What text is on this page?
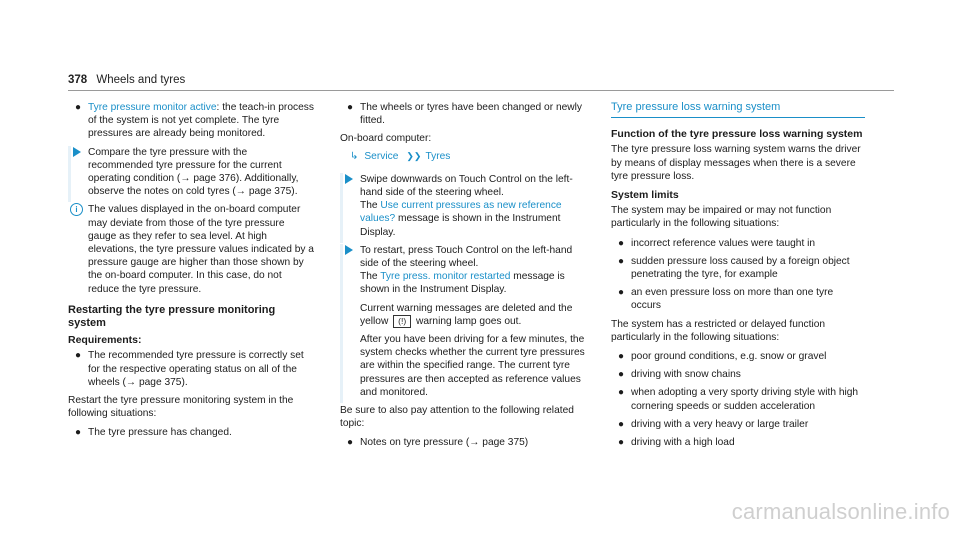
378 Wheels and tyres
● Tyre pressure monitor active: the teach-in process of the system is not yet complete. The tyre pressures are already being monitored.

Compare the tyre pressure with the recommended tyre pressure for the current operating condition (→ page 376). Additionally, observe the notes on cold tyres (→ page 375).

i	The values displayed in the on-board computer may deviate from those of the tyre pressure gauge as they refer to sea level. At high elevations, the tyre pressure values indicated by a pressure gauge are higher than those shown by the on-board computer. In this case, do not reduce the tyre pressure.
Restarting the tyre pressure monitoring system
Requirements:
● The recommended tyre pressure is correctly set for the respective operating status on all of the wheels (→ page 375).
Restart the tyre pressure monitoring system in the following situations:
● The tyre pressure has changed.
● The wheels or tyres have been changed or newly fitted.
On-board computer:
↳ Service ❯❯ Tyres

Swipe downwards on Touch Control on the left-hand side of the steering wheel.
The Use current pressures as new reference values? message is shown in the Instrument Display.

To restart, press Touch Control on the left-hand side of the steering wheel.
The Tyre press. monitor restarted message is shown in the Instrument Display.

Current warning messages are deleted and the yellow (!) warning lamp goes out.

After you have been driving for a few minutes, the system checks whether the current tyre pressures are within the specified range. The current tyre pressures are then accepted as reference values and monitored.

Be sure to also pay attention to the following related topic:
● Notes on tyre pressure (→ page 375)
Tyre pressure loss warning system
Function of the tyre pressure loss warning system
The tyre pressure loss warning system warns the driver by means of display messages when there is a severe tyre pressure loss.
System limits
The system may be impaired or may not function particularly in the following situations:
● incorrect reference values were taught in
● sudden pressure loss caused by a foreign object penetrating the tyre, for example
● an even pressure loss on more than one tyre occurs
The system has a restricted or delayed function particularly in the following situations:
● poor ground conditions, e.g. snow or gravel
● driving with snow chains
● when adopting a very sporty driving style with high cornering speeds or sudden acceleration
● driving with a very heavy or large trailer
● driving with a high load
carmanualsonline.info
